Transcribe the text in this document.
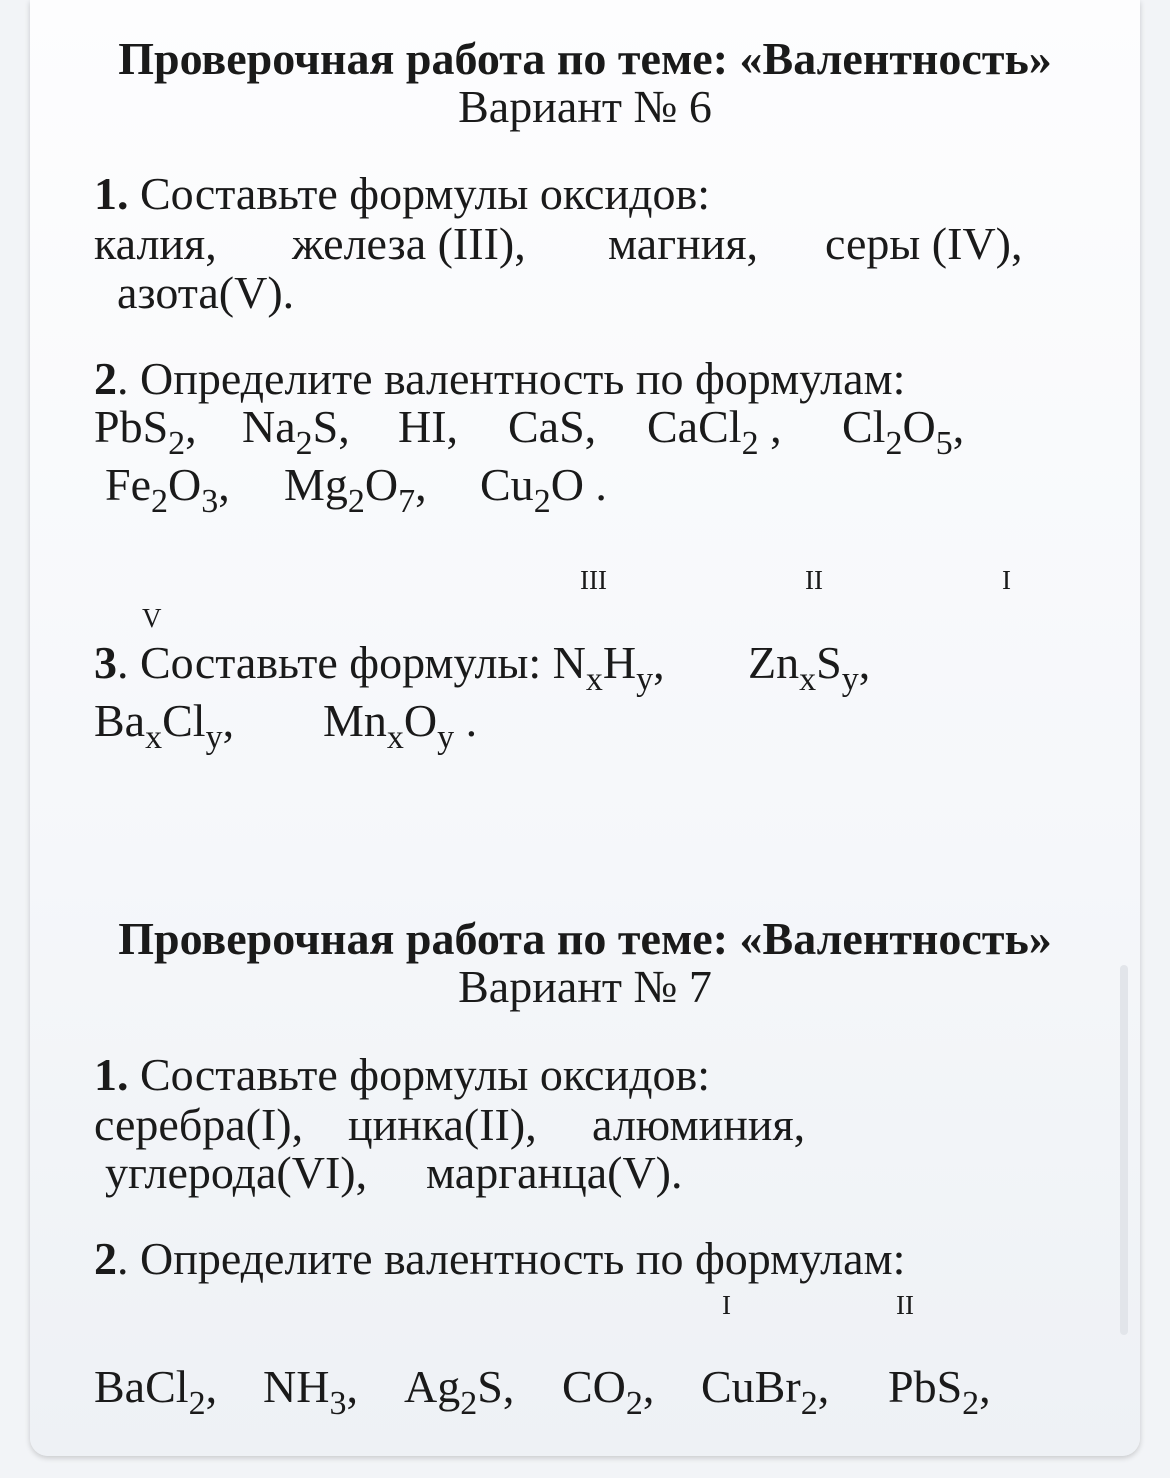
Проверочная работа по теме: «Валентность»
Вариант № 6
1. Составьте формулы оксидов:
калия, железа (III), магния, серы (IV),
азота(V).
2. Определите валентность по формулам:
PbS$_2$, $Na_2S$, HI, CaS, CaCl$_2$ , $Cl_2O_5$,
$Fe_2O_3$, $Mg_2O_7$, $Cu_2O$ .
III	II	I
V
3. Составьте формулы: $N_xH_y$, $Zn_xS_y$,
$Ba_xCl_y$, $Mn_xO_y$ .
Проверочная работа по теме: «Валентность»
Вариант № 7
1. Составьте формулы оксидов:
серебра(I), цинка(II), алюминия,
углерода(VI), марганца(V).
2. Определите валентность по формулам:
I	II
BaCl$_2$, $NH_3$, $Ag_2S$, $CO_2$, CuBr$_2$, PbS$_2$,
